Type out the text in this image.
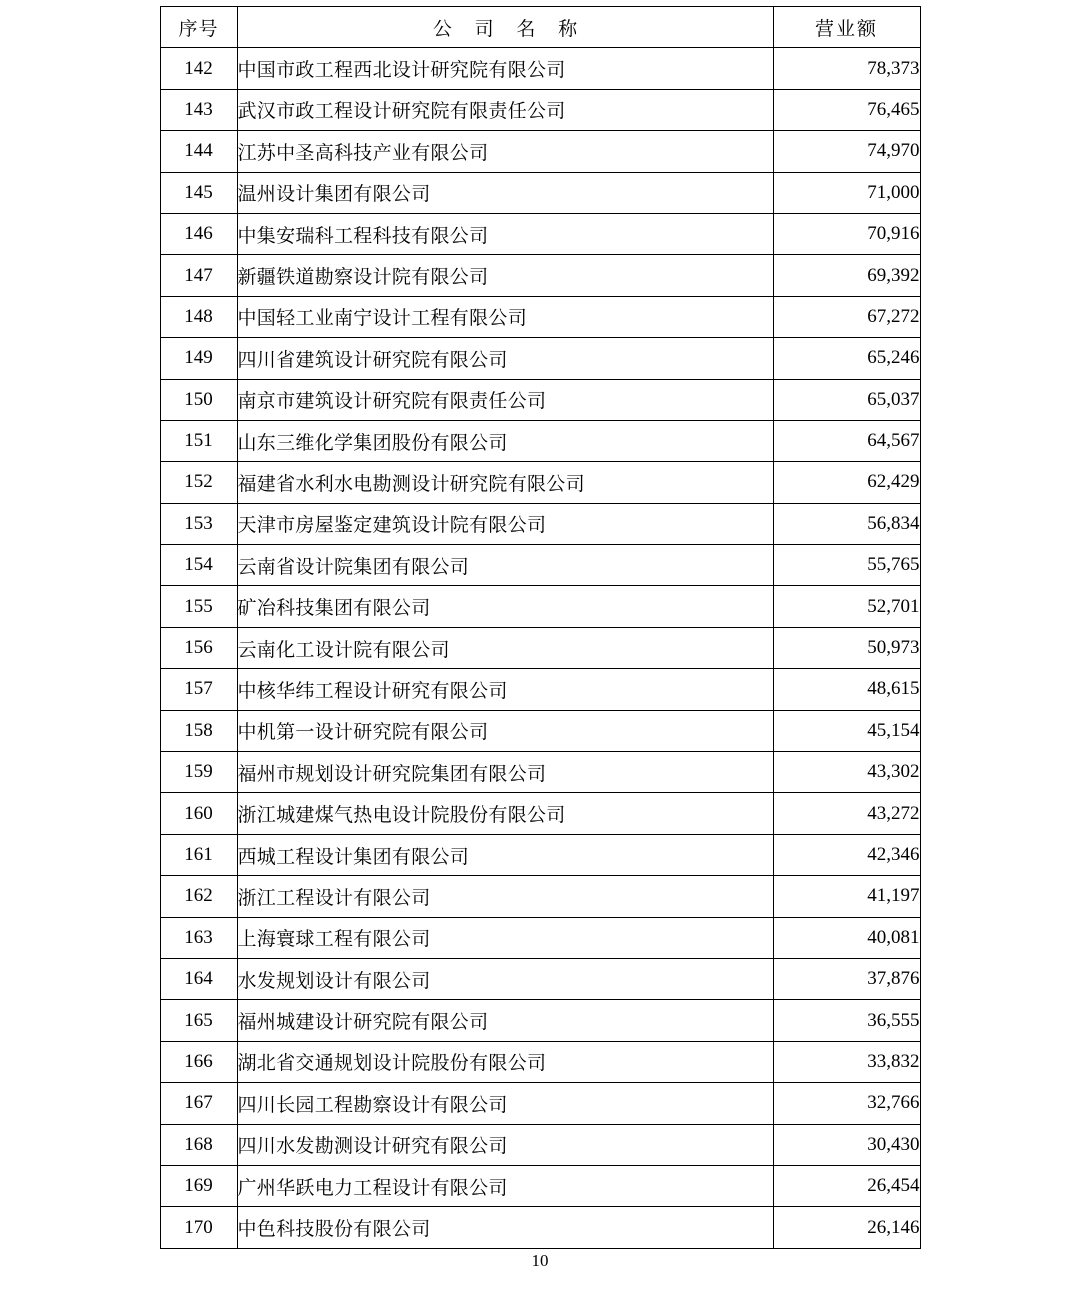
序号	公 司 名 称	营业额
142	中国市政工程西北设计研究院有限公司	78,373
143	武汉市政工程设计研究院有限责任公司	76,465
144	江苏中圣高科技产业有限公司	74,970
145	温州设计集团有限公司	71,000
146	中集安瑞科工程科技有限公司	70,916
147	新疆铁道勘察设计院有限公司	69,392
148	中国轻工业南宁设计工程有限公司	67,272
149	四川省建筑设计研究院有限公司	65,246
150	南京市建筑设计研究院有限责任公司	65,037
151	山东三维化学集团股份有限公司	64,567
152	福建省水利水电勘测设计研究院有限公司	62,429
153	天津市房屋鉴定建筑设计院有限公司	56,834
154	云南省设计院集团有限公司	55,765
155	矿冶科技集团有限公司	52,701
156	云南化工设计院有限公司	50,973
157	中核华纬工程设计研究有限公司	48,615
158	中机第一设计研究院有限公司	45,154
159	福州市规划设计研究院集团有限公司	43,302
160	浙江城建煤气热电设计院股份有限公司	43,272
161	西城工程设计集团有限公司	42,346
162	浙江工程设计有限公司	41,197
163	上海寰球工程有限公司	40,081
164	水发规划设计有限公司	37,876
165	福州城建设计研究院有限公司	36,555
166	湖北省交通规划设计院股份有限公司	33,832
167	四川长园工程勘察设计有限公司	32,766
168	四川水发勘测设计研究有限公司	30,430
169	广州华跃电力工程设计有限公司	26,454
170	中色科技股份有限公司	26,146
10
